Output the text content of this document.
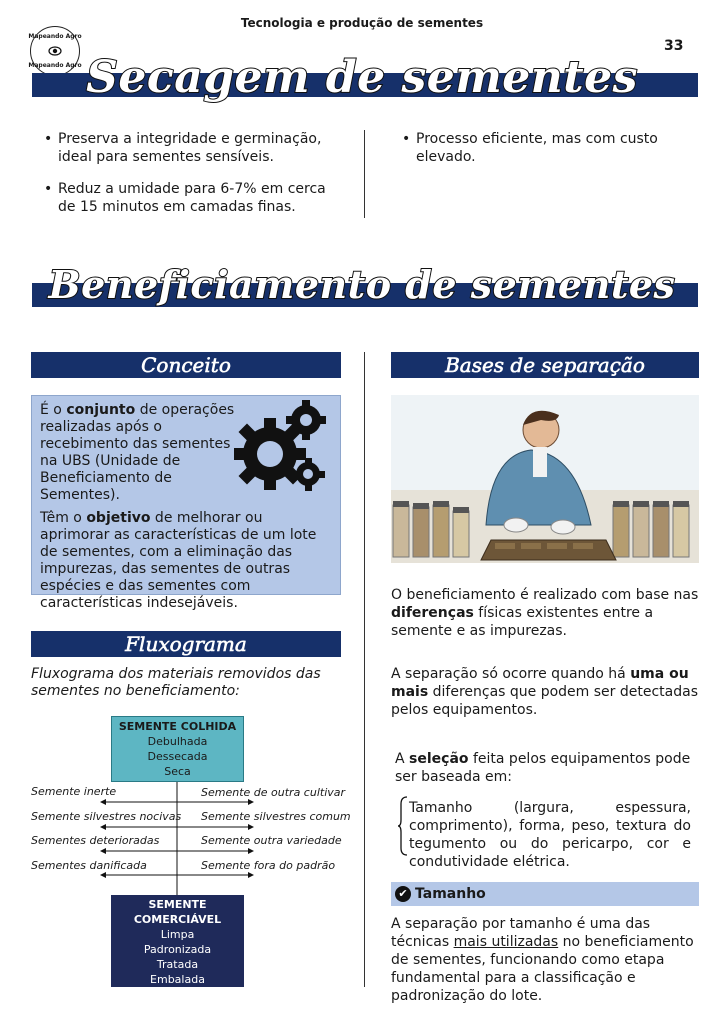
Mapeando Agro
Mapeando Agro
Tecnologia e produção de sementes
33
Secagem de sementes
• Preserva a integridade e germinação, ideal para sementes sensíveis.
• Reduz a umidade para 6-7% em cerca de 15 minutos em camadas finas.
• Processo eficiente, mas com custo elevado.
Beneficiamento de sementes
Conceito

É o conjunto de operações realizadas após o recebimento das sementes na UBS (Unidade de Beneficiamento de Sementes).

Têm o objetivo de melhorar ou aprimorar as características de um lote de sementes, com a eliminação das impurezas, das sementes de outras espécies e das sementes com características indesejáveis.

Fluxograma
Fluxograma dos materiais removidos das sementes no beneficiamento:
SEMENTE COLHIDA
Debulhada
Dessecada
Seca
Semente inerte
Semente silvestres nocivas
Sementes deterioradas
Sementes danificada
Semente de outra cultivar
Semente silvestres comum
Semente outra variedade
Semente fora do padrão
SEMENTE COMERCIÁVEL
Limpa
Padronizada
Tratada
Embalada
Analisada
Bases de separação

O beneficiamento é realizado com base nas diferenças físicas existentes entre a semente e as impurezas.

A separação só ocorre quando há uma ou mais diferenças que podem ser detectadas pelos equipamentos.

A seleção feita pelos equipamentos pode ser baseada em:

Tamanho (largura, espessura, comprimento), forma, peso, textura do tegumento ou do pericarpo, cor e condutividade elétrica.

✔ Tamanho

A separação por tamanho é uma das técnicas mais utilizadas no beneficiamento de sementes, funcionando como etapa fundamental para a classificação e padronização do lote.
